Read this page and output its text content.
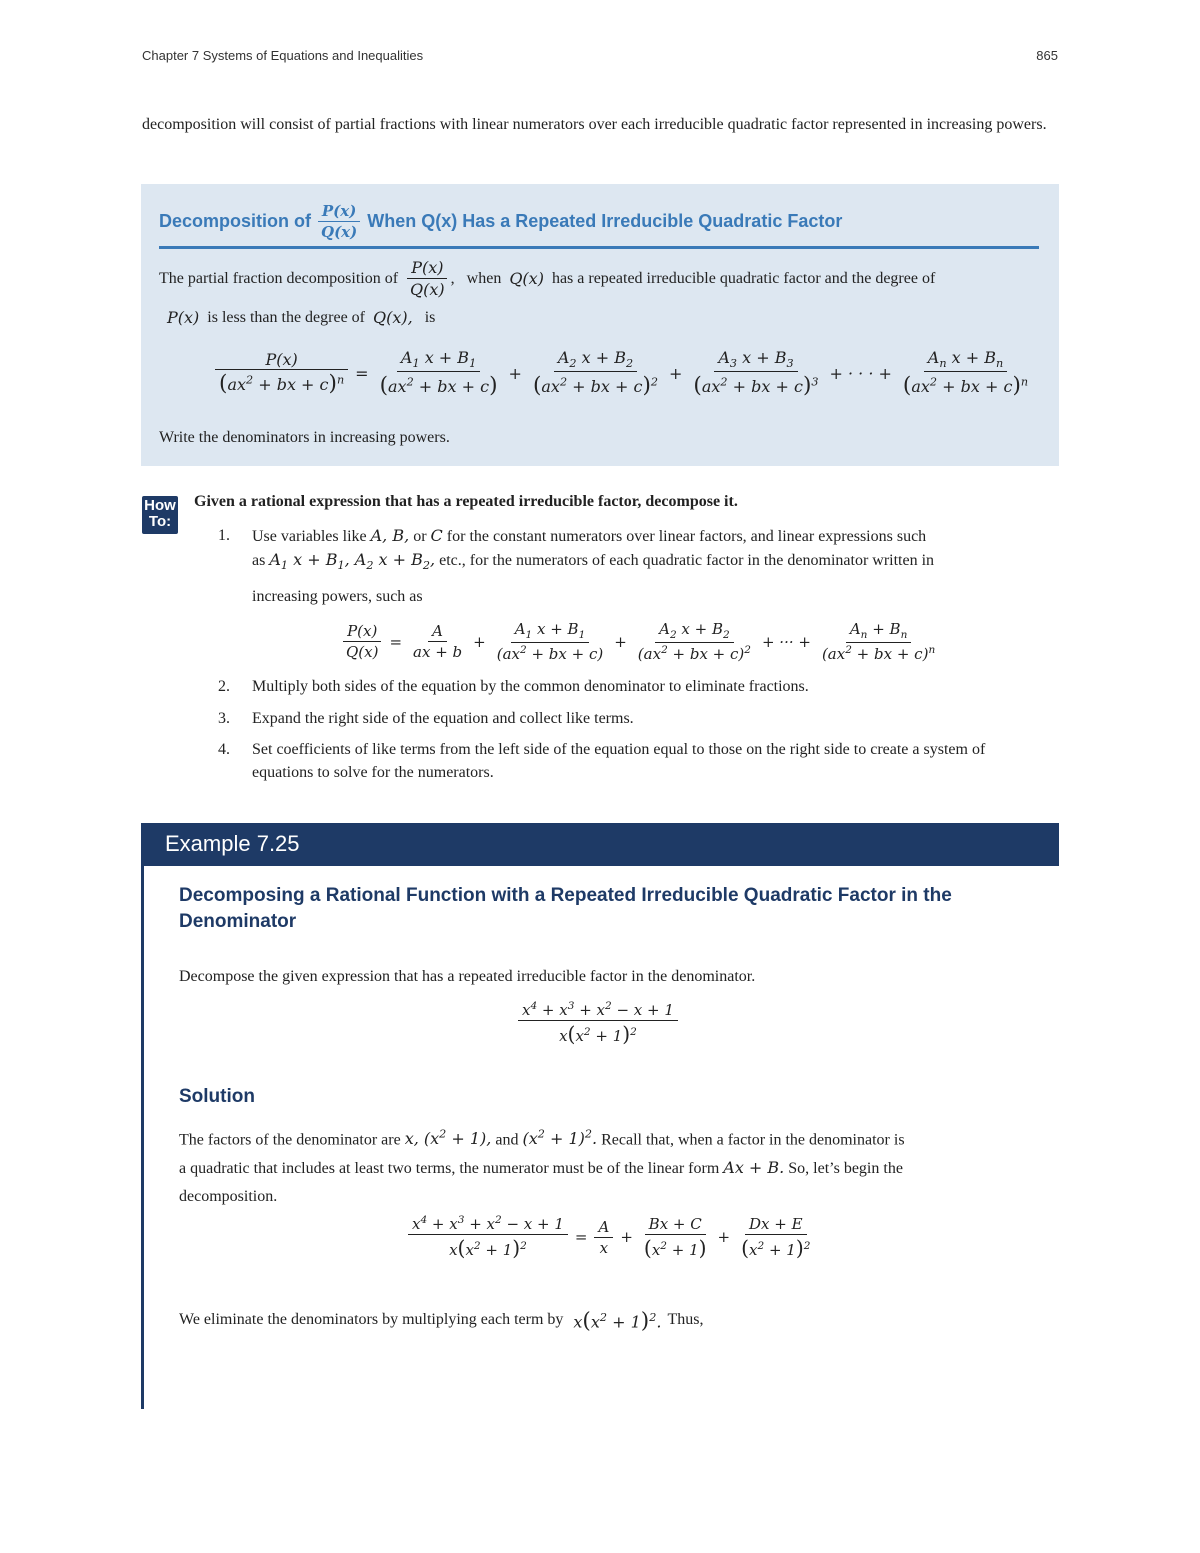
Chapter 7 Systems of Equations and Inequalities	865
decomposition will consist of partial fractions with linear numerators over each irreducible quadratic factor represented in increasing powers.
Decomposition of $\frac{P(x)}{Q(x)}$ When Q(x) Has a Repeated Irreducible Quadratic Factor
The partial fraction decomposition of $\frac{P(x)}{Q(x)}$ , when Q(x) has a repeated irreducible quadratic factor and the degree of
P(x) is less than the degree of Q(x), is
$\frac{P(x)}{(ax^2 + bx + c)^n} = \frac{A_1 x + B_1}{(ax^2 + bx + c)} + \frac{A_2 x + B_2}{(ax^2 + bx + c)^2} + \frac{A_3 x + B_3}{(ax^2 + bx + c)^3}$ + · · · + $\frac{A_n x + B_n}{(ax^2 + bx + c)^n}$
Write the denominators in increasing powers.
How To:
Given a rational expression that has a repeated irreducible factor, decompose it.
1. Use variables like A, B, or C for the constant numerators over linear factors, and linear expressions such
as $A_1$ $x + B_1$, $A_2$ $x + B_2$, etc., for the numerators of each quadratic factor in the denominator written in
increasing powers, such as
$\frac{P(x)}{Q(x)} = \frac{A}{ax + b} + \frac{A_1 x + B_1}{(ax^2 + bx + c)} + \frac{A_2 x + B_2}{(ax^2 + bx + c)^2}$ + ··· + $\frac{A_n + B_n}{(ax^2 + bx + c)^n}$
2. Multiply both sides of the equation by the common denominator to eliminate fractions.
3. Expand the right side of the equation and collect like terms.
4. Set coefficients of like terms from the left side of the equation equal to those on the right side to create a system of equations to solve for the numerators.
Example 7.25
Decomposing a Rational Function with a Repeated Irreducible Quadratic Factor in the Denominator
Decompose the given expression that has a repeated irreducible factor in the denominator.
$\frac{x^4 + x^3 + x^2 - x + 1}{x(x^2 + 1)^2}$
Solution
The factors of the denominator are x, $(x^2 + 1)$, and $(x^2 + 1)^2$. Recall that, when a factor in the denominator is
a quadratic that includes at least two terms, the numerator must be of the linear form Ax + B. So, let’s begin the
decomposition.
$\frac{x^4 + x^3 + x^2 - x + 1}{x(x^2 + 1)^2} = \frac{A}{x} + \frac{Bx + C}{(x^2 + 1)} + \frac{Dx + E}{(x^2 + 1)^2}$
We eliminate the denominators by multiplying each term by $x(x^2 + 1)^2$. Thus,
